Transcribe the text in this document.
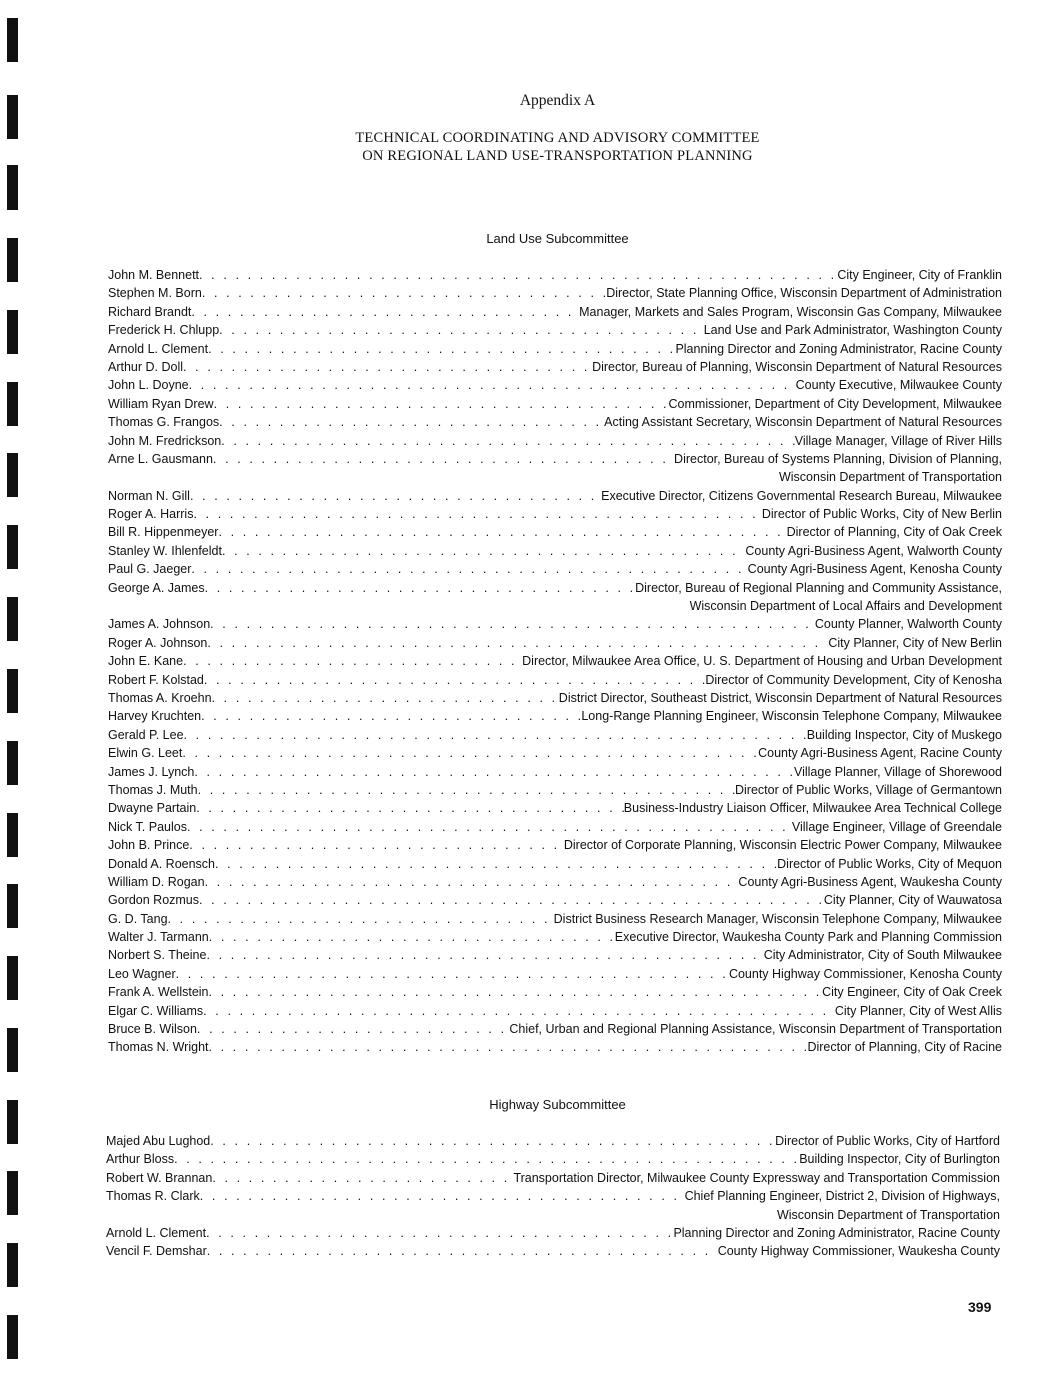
Appendix A
TECHNICAL COORDINATING AND ADVISORY COMMITTEE
ON REGIONAL LAND USE-TRANSPORTATION PLANNING
Land Use Subcommittee
John M. Bennett . . .	City Engineer, City of Franklin
Stephen M. Born . . .	Director, State Planning Office, Wisconsin Department of Administration
Richard Brandt . . .	Manager, Markets and Sales Program, Wisconsin Gas Company, Milwaukee
Frederick H. Chlupp . . .	Land Use and Park Administrator, Washington County
Arnold L. Clement . . .	Planning Director and Zoning Administrator, Racine County
Arthur D. Doll . . .	Director, Bureau of Planning, Wisconsin Department of Natural Resources
John L. Doyne . . .	County Executive, Milwaukee County
William Ryan Drew . . .	Commissioner, Department of City Development, Milwaukee
Thomas G. Frangos . . .	Acting Assistant Secretary, Wisconsin Department of Natural Resources
John M. Fredrickson . . .	Village Manager, Village of River Hills
Arne L. Gausmann . . .	Director, Bureau of Systems Planning, Division of Planning,
Wisconsin Department of Transportation
Norman N. Gill . . .	Executive Director, Citizens Governmental Research Bureau, Milwaukee
Roger A. Harris . . .	Director of Public Works, City of New Berlin
Bill R. Hippenmeyer . . .	Director of Planning, City of Oak Creek
Stanley W. Ihlenfeldt . . .	County Agri-Business Agent, Walworth County
Paul G. Jaeger . . .	County Agri-Business Agent, Kenosha County
George A. James . . .	Director, Bureau of Regional Planning and Community Assistance,
Wisconsin Department of Local Affairs and Development
James A. Johnson . . .	County Planner, Walworth County
Roger A. Johnson . . .	City Planner, City of New Berlin
John E. Kane . . .	Director, Milwaukee Area Office, U. S. Department of Housing and Urban Development
Robert F. Kolstad . . .	Director of Community Development, City of Kenosha
Thomas A. Kroehn . . .	District Director, Southeast District, Wisconsin Department of Natural Resources
Harvey Kruchten . . .	Long-Range Planning Engineer, Wisconsin Telephone Company, Milwaukee
Gerald P. Lee . . .	Building Inspector, City of Muskego
Elwin G. Leet . . .	County Agri-Business Agent, Racine County
James J. Lynch . . .	Village Planner, Village of Shorewood
Thomas J. Muth . . .	Director of Public Works, Village of Germantown
Dwayne Partain . . .	Business-Industry Liaison Officer, Milwaukee Area Technical College
Nick T. Paulos . . .	Village Engineer, Village of Greendale
John B. Prince . . .	Director of Corporate Planning, Wisconsin Electric Power Company, Milwaukee
Donald A. Roensch . . .	Director of Public Works, City of Mequon
William D. Rogan . . .	County Agri-Business Agent, Waukesha County
Gordon Rozmus . . .	City Planner, City of Wauwatosa
G. D. Tang . . .	District Business Research Manager, Wisconsin Telephone Company, Milwaukee
Walter J. Tarmann . . .	Executive Director, Waukesha County Park and Planning Commission
Norbert S. Theine . . .	City Administrator, City of South Milwaukee
Leo Wagner . . .	County Highway Commissioner, Kenosha County
Frank A. Wellstein . . .	City Engineer, City of Oak Creek
Elgar C. Williams . . .	City Planner, City of West Allis
Bruce B. Wilson . . .	Chief, Urban and Regional Planning Assistance, Wisconsin Department of Transportation
Thomas N. Wright . . .	Director of Planning, City of Racine
Highway Subcommittee
Majed Abu Lughod . . .	Director of Public Works, City of Hartford
Arthur Bloss . . .	Building Inspector, City of Burlington
Robert W. Brannan . . .	Transportation Director, Milwaukee County Expressway and Transportation Commission
Thomas R. Clark . . .	Chief Planning Engineer, District 2, Division of Highways,
Wisconsin Department of Transportation
Arnold L. Clement . . .	Planning Director and Zoning Administrator, Racine County
Vencil F. Demshar . . .	County Highway Commissioner, Waukesha County
399
